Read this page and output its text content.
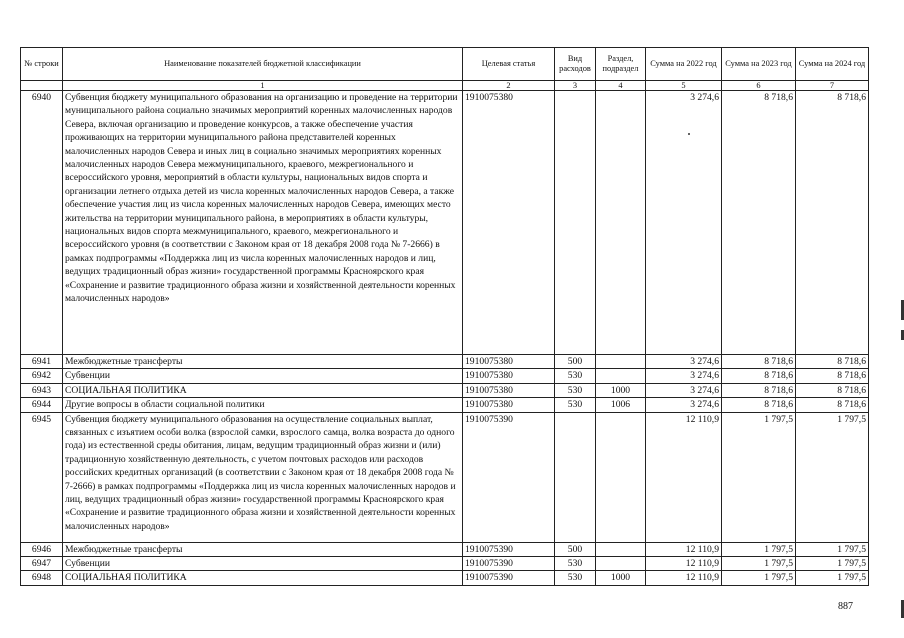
№ строки	Наименование показателей бюджетной классификации	Целевая статья	Вид расходов	Раздел, подраздел	Сумма на 2022 год	Сумма на 2023 год	Сумма на 2024 год
	1	2	3	4	5	6	7
6940	Субвенция бюджету муниципального образования на организацию и проведение на территории муниципального района социально значимых мероприятий коренных малочисленных народов Севера, включая организацию и проведение конкурсов, а также обеспечение участия проживающих на территории муниципального района представителей коренных малочисленных народов Севера и иных лиц в социально значимых мероприятиях коренных малочисленных народов Севера межмуниципального, краевого, межрегионального и всероссийского уровня, мероприятий в области культуры, национальных видов спорта и организации летнего отдыха детей из числа коренных малочисленных народов Севера, а также обеспечение участия лиц из числа коренных малочисленных народов Севера, имеющих место жительства на территории муниципального района, в мероприятиях в области культуры, национальных видов спорта межмуниципального, краевого, межрегионального и всероссийского уровня (в соответствии с Законом края от 18 декабря 2008 года № 7-2666) в рамках подпрограммы «Поддержка лиц из числа коренных малочисленных народов и лиц, ведущих традиционный образ жизни» государственной программы Красноярского края «Сохранение и развитие традиционного образа жизни и хозяйственной деятельности коренных малочисленных народов»	1910075380			3 274,6	8 718,6	8 718,6
6941	Межбюджетные трансферты	1910075380	500		3 274,6	8 718,6	8 718,6
6942	Субвенции	1910075380	530		3 274,6	8 718,6	8 718,6
6943	СОЦИАЛЬНАЯ ПОЛИТИКА	1910075380	530	1000	3 274,6	8 718,6	8 718,6
6944	Другие вопросы в области социальной политики	1910075380	530	1006	3 274,6	8 718,6	8 718,6
6945	Субвенция бюджету муниципального образования на осуществление социальных выплат, связанных с изъятием особи волка (взрослой самки, взрослого самца, волка возраста до одного года) из естественной среды обитания, лицам, ведущим традиционный образ жизни и (или) традиционную хозяйственную деятельность, с учетом почтовых расходов или расходов российских кредитных организаций (в соответствии с Законом края от 18 декабря 2008 года № 7-2666) в рамках подпрограммы «Поддержка лиц из числа коренных малочисленных народов и лиц, ведущих традиционный образ жизни» государственной программы Красноярского края «Сохранение и развитие традиционного образа жизни и хозяйственной деятельности коренных малочисленных народов»	1910075390			12 110,9	1 797,5	1 797,5
6946	Межбюджетные трансферты	1910075390	500		12 110,9	1 797,5	1 797,5
6947	Субвенции	1910075390	530		12 110,9	1 797,5	1 797,5
6948	СОЦИАЛЬНАЯ ПОЛИТИКА	1910075390	530	1000	12 110,9	1 797,5	1 797,5
887
